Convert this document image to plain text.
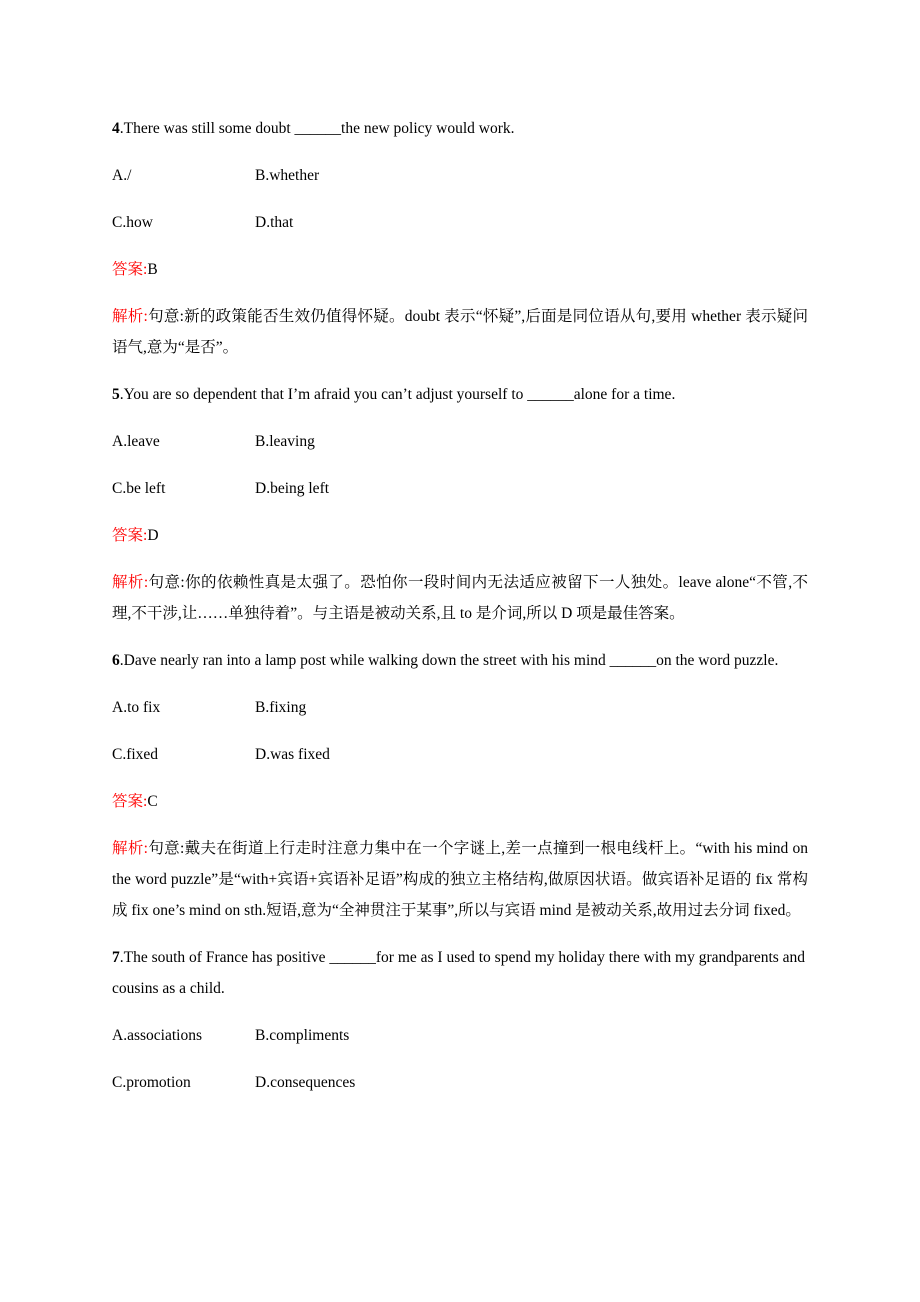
4.There was still some doubt ______the new policy would work.

A./	B.whether
C.how	D.that

答案:B

解析:句意:新的政策能否生效仍值得怀疑。doubt 表示“怀疑”,后面是同位语从句,要用 whether 表示疑问语气,意为“是否”。

5.You are so dependent that I’m afraid you can’t adjust yourself to ______alone for a time.

A.leave	B.leaving
C.be left	D.being left

答案:D

解析:句意:你的依赖性真是太强了。恐怕你一段时间内无法适应被留下一人独处。leave alone“不管,不理,不干涉,让……单独待着”。与主语是被动关系,且 to 是介词,所以 D 项是最佳答案。

6.Dave nearly ran into a lamp post while walking down the street with his mind ______on the word puzzle.

A.to fix	B.fixing
C.fixed	D.was fixed

答案:C

解析:句意:戴夫在街道上行走时注意力集中在一个字谜上,差一点撞到一根电线杆上。“with his mind on the word puzzle”是“with+宾语+宾语补足语”构成的独立主格结构,做原因状语。做宾语补足语的 fix 常构成 fix one’s mind on sth.短语,意为“全神贯注于某事”,所以与宾语 mind 是被动关系,故用过去分词 fixed。

7.The south of France has positive ______for me as I used to spend my holiday there with my grandparents and cousins as a child.

A.associations	B.compliments
C.promotion	D.consequences
